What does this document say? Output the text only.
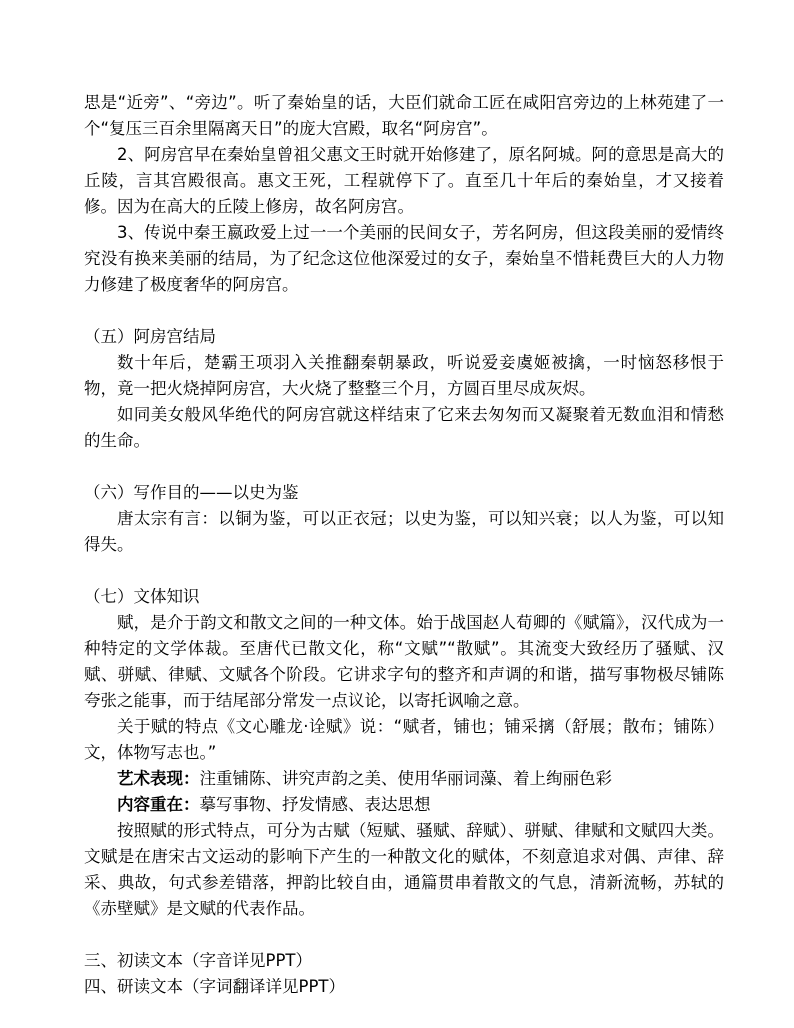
思是“近旁”、“旁边”。听了秦始皇的话，大臣们就命工匠在咸阳宫旁边的上林苑建了一个“复压三百余里隔离天日”的庞大宫殿，取名“阿房宫”。

2、阿房宫早在秦始皇曾祖父惠文王时就开始修建了，原名阿城。阿的意思是高大的丘陵，言其宫殿很高。惠文王死，工程就停下了。直至几十年后的秦始皇，才又接着修。因为在高大的丘陵上修房，故名阿房宫。

3、传说中秦王嬴政爱上过一一个美丽的民间女子，芳名阿房，但这段美丽的爱情终究没有换来美丽的结局，为了纪念这位他深爱过的女子，秦始皇不惜耗费巨大的人力物力修建了极度奢华的阿房宫。

（五）阿房宫结局

数十年后，楚霸王项羽入关推翻秦朝暴政，听说爱妾虞姬被擒，一时恼怒移恨于物，竟一把火烧掉阿房宫，大火烧了整整三个月，方圆百里尽成灰烬。

如同美女般风华绝代的阿房宫就这样结束了它来去匆匆而又凝聚着无数血泪和情愁的生命。

（六）写作目的——以史为鉴

唐太宗有言：以铜为鉴，可以正衣冠；以史为鉴，可以知兴衰；以人为鉴，可以知得失。

（七）文体知识

赋，是介于韵文和散文之间的一种文体。始于战国赵人荀卿的《赋篇》，汉代成为一种特定的文学体裁。至唐代已散文化，称“文赋”“散赋”。其流变大致经历了骚赋、汉赋、骈赋、律赋、文赋各个阶段。它讲求字句的整齐和声调的和谐，描写事物极尽铺陈夸张之能事，而于结尾部分常发一点议论，以寄托讽喻之意。

关于赋的特点《文心雕龙·诠赋》说：“赋者，铺也；铺采摛（舒展；散布；铺陈）文，体物写志也。”

艺术表现：注重铺陈、讲究声韵之美、使用华丽词藻、着上绚丽色彩

内容重在：摹写事物、抒发情感、表达思想

按照赋的形式特点，可分为古赋（短赋、骚赋、辞赋）、骈赋、律赋和文赋四大类。文赋是在唐宋古文运动的影响下产生的一种散文化的赋体，不刻意追求对偶、声律、辞采、典故，句式参差错落，押韵比较自由，通篇贯串着散文的气息，清新流畅，苏轼的《赤壁赋》是文赋的代表作品。

三、初读文本（字音详见PPT）

四、研读文本（字词翻译详见PPT）
